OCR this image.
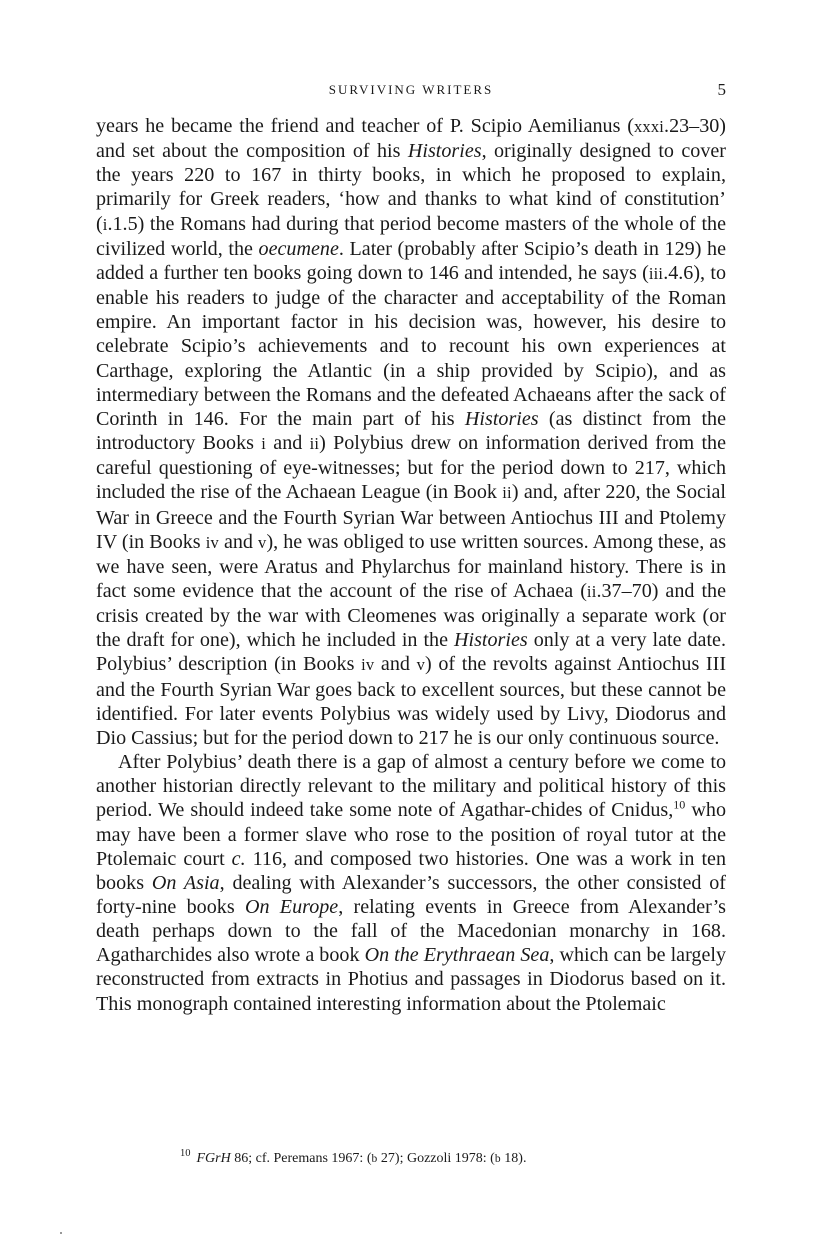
SURVIVING WRITERS	5

years he became the friend and teacher of P. Scipio Aemilianus (xxxi.23–30) and set about the composition of his Histories, originally designed to cover the years 220 to 167 in thirty books, in which he proposed to explain, primarily for Greek readers, ‘how and thanks to what kind of constitution’ (i.1.5) the Romans had during that period become masters of the whole of the civilized world, the oecumene. Later (probably after Scipio’s death in 129) he added a further ten books going down to 146 and intended, he says (iii.4.6), to enable his readers to judge of the character and acceptability of the Roman empire. An important factor in his decision was, however, his desire to celebrate Scipio’s achievements and to recount his own experiences at Carthage, exploring the Atlantic (in a ship provided by Scipio), and as intermediary between the Romans and the defeated Achaeans after the sack of Corinth in 146. For the main part of his Histories (as distinct from the introductory Books i and ii) Polybius drew on information derived from the careful questioning of eye-witnesses; but for the period down to 217, which included the rise of the Achaean League (in Book ii) and, after 220, the Social War in Greece and the Fourth Syrian War between Antiochus III and Ptolemy IV (in Books iv and v), he was obliged to use written sources. Among these, as we have seen, were Aratus and Phylarchus for mainland history. There is in fact some evidence that the account of the rise of Achaea (ii.37–70) and the crisis created by the war with Cleomenes was originally a separate work (or the draft for one), which he included in the Histories only at a very late date. Polybius’ description (in Books iv and v) of the revolts against Antiochus III and the Fourth Syrian War goes back to excellent sources, but these cannot be identified. For later events Polybius was widely used by Livy, Diodorus and Dio Cassius; but for the period down to 217 he is our only continuous source.

After Polybius’ death there is a gap of almost a century before we come to another historian directly relevant to the military and political history of this period. We should indeed take some note of Agathar-chides of Cnidus,$^{10}$ who may have been a former slave who rose to the position of royal tutor at the Ptolemaic court c. 116, and composed two histories. One was a work in ten books On Asia, dealing with Alexander’s successors, the other consisted of forty-nine books On Europe, relating events in Greece from Alexander’s death perhaps down to the fall of the Macedonian monarchy in 168. Agatharchides also wrote a book On the Erythraean Sea, which can be largely reconstructed from extracts in Photius and passages in Diodorus based on it. This monograph contained interesting information about the Ptolemaic

$^{10}$ FGrH 86; cf. Peremans 1967: (b 27); Gozzoli 1978: (b 18).
